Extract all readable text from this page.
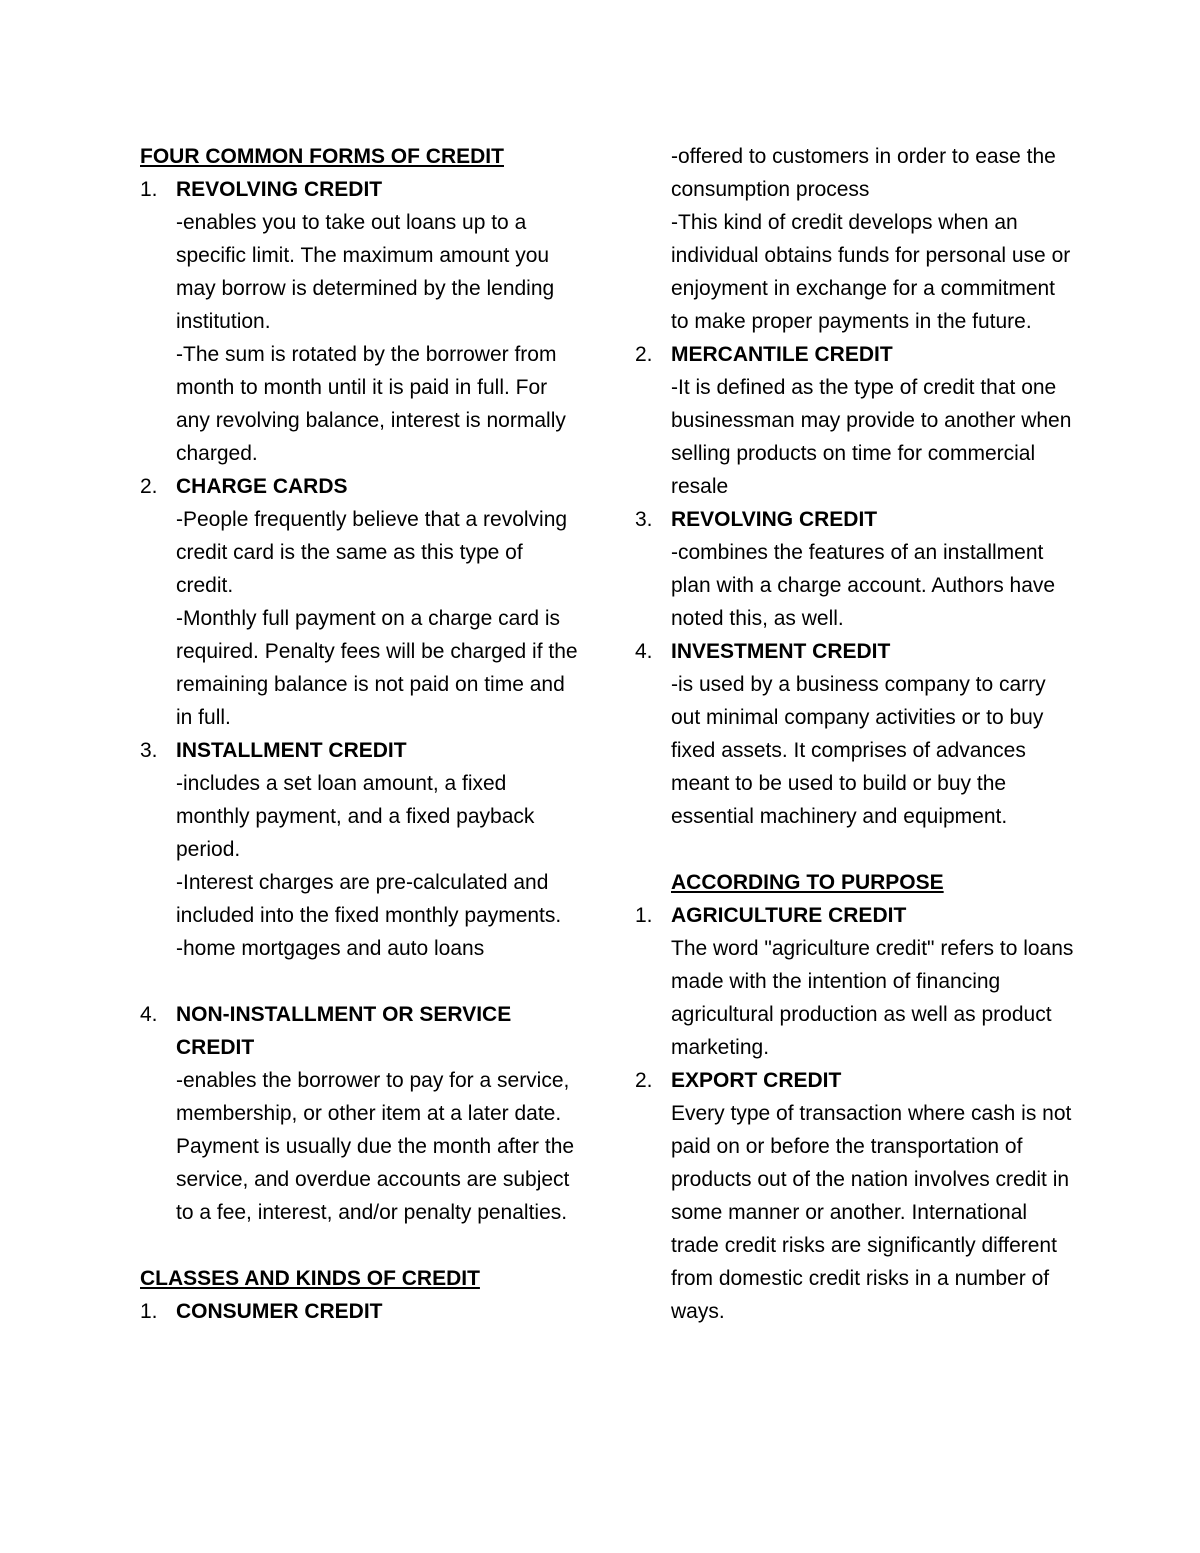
FOUR COMMON FORMS OF CREDIT
1. REVOLVING CREDIT
-enables you to take out loans up to a specific limit. The maximum amount you may borrow is determined by the lending institution.
-The sum is rotated by the borrower from month to month until it is paid in full. For any revolving balance, interest is normally charged.
2. CHARGE CARDS
-People frequently believe that a revolving credit card is the same as this type of credit.
-Monthly full payment on a charge card is required. Penalty fees will be charged if the remaining balance is not paid on time and in full.
3. INSTALLMENT CREDIT
-includes a set loan amount, a fixed monthly payment, and a fixed payback period.
-Interest charges are pre-calculated and included into the fixed monthly payments.
-home mortgages and auto loans
4. NON-INSTALLMENT OR SERVICE CREDIT
-enables the borrower to pay for a service, membership, or other item at a later date. Payment is usually due the month after the service, and overdue accounts are subject to a fee, interest, and/or penalty penalties.
CLASSES AND KINDS OF CREDIT
1. CONSUMER CREDIT
-offered to customers in order to ease the consumption process
-This kind of credit develops when an individual obtains funds for personal use or enjoyment in exchange for a commitment to make proper payments in the future.
2. MERCANTILE CREDIT
-It is defined as the type of credit that one businessman may provide to another when selling products on time for commercial resale
3. REVOLVING CREDIT
-combines the features of an installment plan with a charge account. Authors have noted this, as well.
4. INVESTMENT CREDIT
-is used by a business company to carry out minimal company activities or to buy fixed assets. It comprises of advances meant to be used to build or buy the essential machinery and equipment.
ACCORDING TO PURPOSE
1. AGRICULTURE CREDIT
The word "agriculture credit" refers to loans made with the intention of financing agricultural production as well as product marketing.
2. EXPORT CREDIT
Every type of transaction where cash is not paid on or before the transportation of products out of the nation involves credit in some manner or another. International trade credit risks are significantly different from domestic credit risks in a number of ways.
